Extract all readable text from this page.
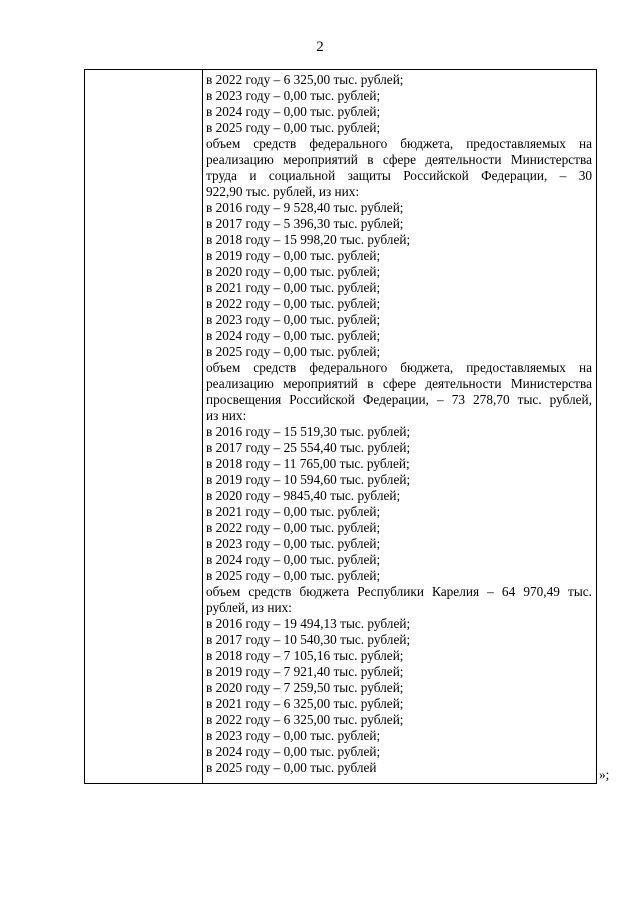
2
в 2022 году – 6 325,00 тыс. рублей;
в 2023 году – 0,00 тыс. рублей;
в 2024 году – 0,00 тыс. рублей;
в 2025 году – 0,00 тыс. рублей;
объем средств федерального бюджета, предоставляемых на
реализацию мероприятий в сфере деятельности Министерства
труда и социальной защиты Российской Федерации, – 30
922,90 тыс. рублей, из них:
в 2016 году – 9 528,40 тыс. рублей;
в 2017 году – 5 396,30 тыс. рублей;
в 2018 году – 15 998,20 тыс. рублей;
в 2019 году – 0,00 тыс. рублей;
в 2020 году – 0,00 тыс. рублей;
в 2021 году – 0,00 тыс. рублей;
в 2022 году – 0,00 тыс. рублей;
в 2023 году – 0,00 тыс. рублей;
в 2024 году – 0,00 тыс. рублей;
в 2025 году – 0,00 тыс. рублей;
объем средств федерального бюджета, предоставляемых на
реализацию мероприятий в сфере деятельности Министерства
просвещения Российской Федерации, – 73 278,70 тыс. рублей,
из них:
в 2016 году – 15 519,30 тыс. рублей;
в 2017 году – 25 554,40 тыс. рублей;
в 2018 году – 11 765,00 тыс. рублей;
в 2019 году – 10 594,60 тыс. рублей;
в 2020 году – 9845,40 тыс. рублей;
в 2021 году – 0,00 тыс. рублей;
в 2022 году – 0,00 тыс. рублей;
в 2023 году – 0,00 тыс. рублей;
в 2024 году – 0,00 тыс. рублей;
в 2025 году – 0,00 тыс. рублей;
объем средств бюджета Республики Карелия – 64 970,49 тыс.
рублей, из них:
в 2016 году – 19 494,13 тыс. рублей;
в 2017 году – 10 540,30 тыс. рублей;
в 2018 году – 7 105,16 тыс. рублей;
в 2019 году – 7 921,40 тыс. рублей;
в 2020 году – 7 259,50 тыс. рублей;
в 2021 году – 6 325,00 тыс. рублей;
в 2022 году – 6 325,00 тыс. рублей;
в 2023 году – 0,00 тыс. рублей;
в 2024 году – 0,00 тыс. рублей;
в 2025 году – 0,00 тыс. рублей	»;
